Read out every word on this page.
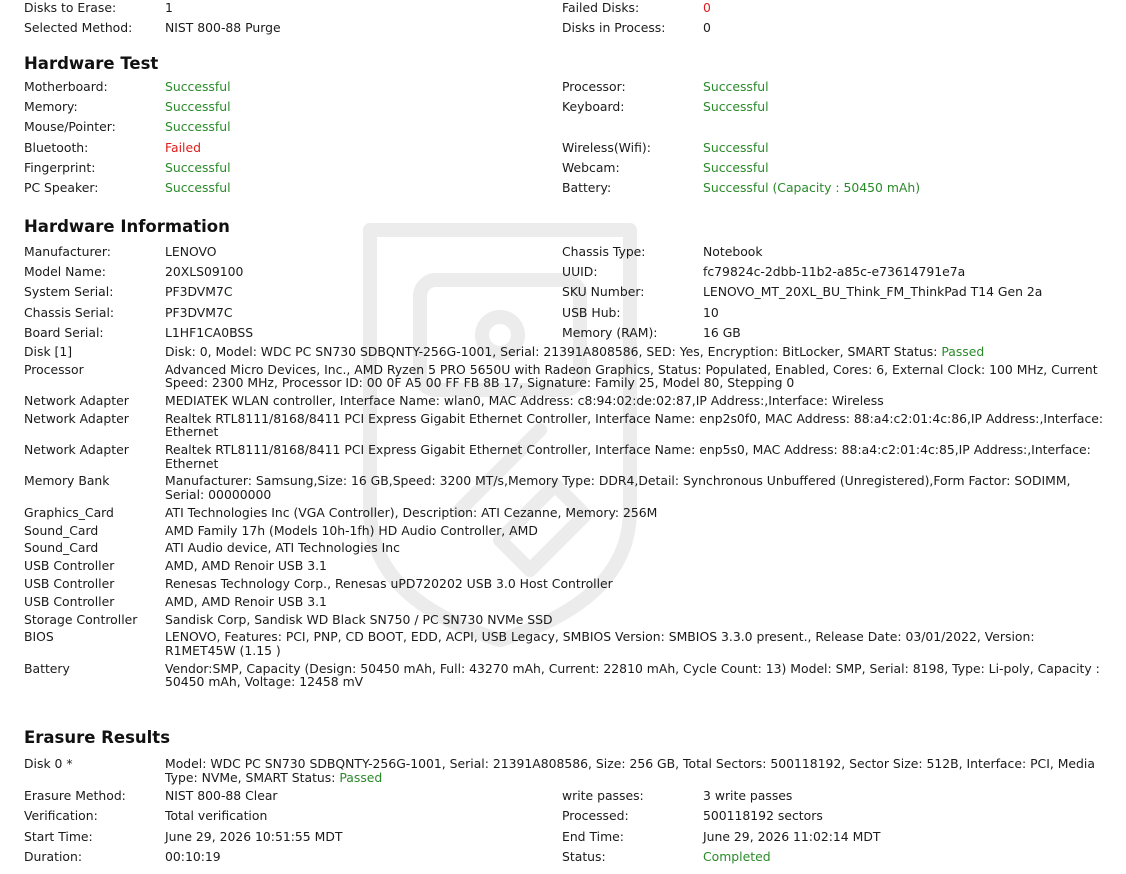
Disks to Erase:	1	Failed Disks:	0
Selected Method:	NIST 800-88 Purge	Disks in Process:	0
Hardware Test
Motherboard:	Successful	Processor:	Successful
Memory:	Successful	Keyboard:	Successful
Mouse/Pointer:	Successful
Bluetooth:	Failed	Wireless(Wifi):	Successful
Fingerprint:	Successful	Webcam:	Successful
PC Speaker:	Successful	Battery:	Successful (Capacity : 50450 mAh)
Hardware Information
Manufacturer:	LENOVO	Chassis Type:	Notebook
Model Name:	20XLS09100	UUID:	fc79824c-2dbb-11b2-a85c-e73614791e7a
System Serial:	PF3DVM7C	SKU Number:	LENOVO_MT_20XL_BU_Think_FM_ThinkPad T14 Gen 2a
Chassis Serial:	PF3DVM7C	USB Hub:	10
Board Serial:	L1HF1CA0BSS	Memory (RAM):	16 GB
Disk [1]	Disk: 0, Model: WDC PC SN730 SDBQNTY-256G-1001, Serial: 21391A808586, SED: Yes, Encryption: BitLocker, SMART Status: Passed
Processor	Advanced Micro Devices, Inc., AMD Ryzen 5 PRO 5650U with Radeon Graphics, Status: Populated, Enabled, Cores: 6, External Clock: 100 MHz, Current Speed: 2300 MHz, Processor ID: 00 0F A5 00 FF FB 8B 17, Signature: Family 25, Model 80, Stepping 0
Network Adapter	MEDIATEK WLAN controller, Interface Name: wlan0, MAC Address: c8:94:02:de:02:87,IP Address:,Interface: Wireless
Network Adapter	Realtek RTL8111/8168/8411 PCI Express Gigabit Ethernet Controller, Interface Name: enp2s0f0, MAC Address: 88:a4:c2:01:4c:86,IP Address:,Interface: Ethernet
Network Adapter	Realtek RTL8111/8168/8411 PCI Express Gigabit Ethernet Controller, Interface Name: enp5s0, MAC Address: 88:a4:c2:01:4c:85,IP Address:,Interface: Ethernet
Memory Bank	Manufacturer: Samsung,Size: 16 GB,Speed: 3200 MT/s,Memory Type: DDR4,Detail: Synchronous Unbuffered (Unregistered),Form Factor: SODIMM, Serial: 00000000
Graphics_Card	ATI Technologies Inc (VGA Controller), Description: ATI Cezanne, Memory: 256M
Sound_Card	AMD Family 17h (Models 10h-1fh) HD Audio Controller, AMD
Sound_Card	ATI Audio device, ATI Technologies Inc
USB Controller	AMD, AMD Renoir USB 3.1
USB Controller	Renesas Technology Corp., Renesas uPD720202 USB 3.0 Host Controller
USB Controller	AMD, AMD Renoir USB 3.1
Storage Controller	Sandisk Corp, Sandisk WD Black SN750 / PC SN730 NVMe SSD
BIOS	LENOVO, Features: PCI, PNP, CD BOOT, EDD, ACPI, USB Legacy, SMBIOS Version: SMBIOS 3.3.0 present., Release Date: 03/01/2022, Version: R1MET45W (1.15 )
Battery	Vendor:SMP, Capacity (Design: 50450 mAh, Full: 43270 mAh, Current: 22810 mAh, Cycle Count: 13) Model: SMP, Serial: 8198, Type: Li-poly, Capacity : 50450 mAh, Voltage: 12458 mV
Erasure Results
Disk 0 *	Model: WDC PC SN730 SDBQNTY-256G-1001, Serial: 21391A808586, Size: 256 GB, Total Sectors: 500118192, Sector Size: 512B, Interface: PCI, Media Type: NVMe, SMART Status: Passed
Erasure Method:	NIST 800-88 Clear	write passes:	3 write passes
Verification:	Total verification	Processed:	500118192 sectors
Start Time:	June 29, 2026 10:51:55 MDT	End Time:	June 29, 2026 11:02:14 MDT
Duration:	00:10:19	Status:	Completed
